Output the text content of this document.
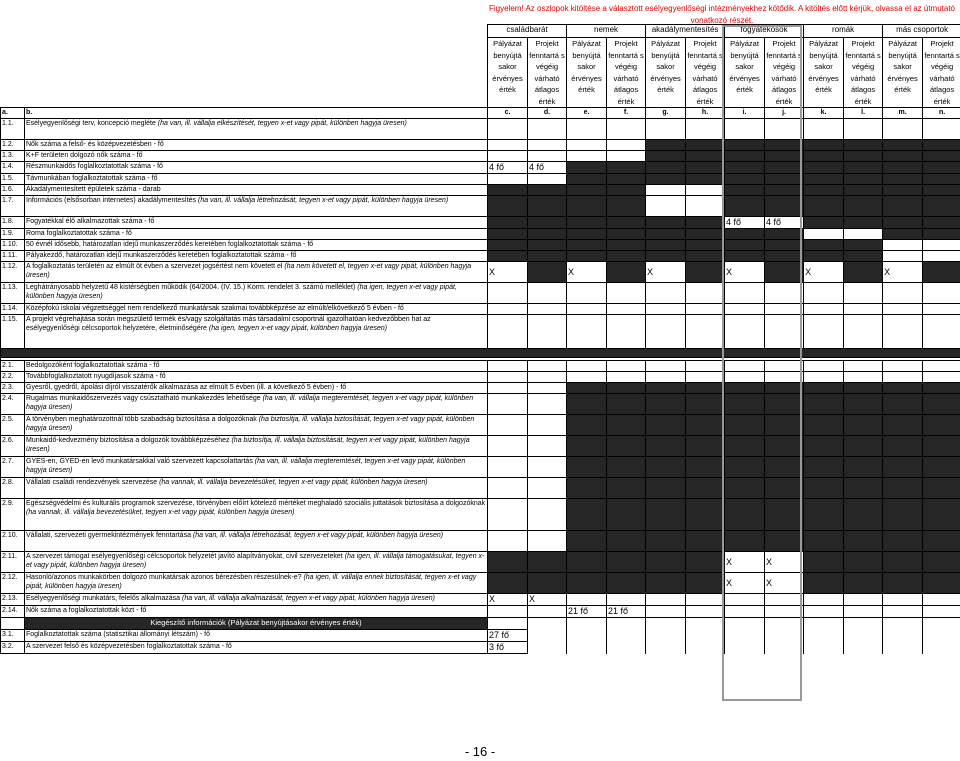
Figyelem! Az oszlopok kitöltése a választott esélyegyenlőségi intézményekhez kötődik. A kitöltés előtt kérjük, olvassa el az útmutató vonatkozó részét.
		családbarát		nemek		akadálymentesítés		fogyatékosok		romák		más csoportok	
		Pályázat benyújtá sakor érvényes érték	Projekt fenntartá s végéig várható átlagos érték	Pályázat benyújtá sakor érvényes érték	Projekt fenntartá s végéig várható átlagos érték	Pályázat benyújtá sakor érvényes érték	Projekt fenntartá s végéig várható átlagos érték	Pályázat benyújtá sakor érvényes érték	Projekt fenntartá s végéig várható átlagos érték	Pályázat benyújtá sakor érvényes érték	Projekt fenntartá s végéig várható átlagos érték	Pályázat benyújtá sakor érvényes érték	Projekt fenntartá s végéig várható átlagos érték
a.	b.	c.	d.	e.	f.	g.	h.	i.	j.	k.	l.	m.	n.
1.1.	Esélyegyenlőségi terv, koncepció megléte (ha van, ill. vállalja elkészítését, tegyen x-et vagy pipát, különben hagyja üresen)												
1.2.	Nők száma a felső- és középvezetésben - fő												
1.3.	K+F területen dolgozó nők száma - fő												
1.4.	Részmunkaidős foglalkoztatottak száma - fő	4 fő	4 fő										
1.5.	Távmunkában foglalkoztatottak száma - fő												
1.6.	Akadálymentesített épületek száma - darab												
1.7.	Információs (elsősorban internetes) akadálymentesítés (ha van, ill. vállalja létrehozását, tegyen x-et vagy pipát, különben hagyja üresen)												
1.8.	Fogyatékkal élő alkalmazottak száma - fő							4 fő	4 fő				
1.9.	Roma foglalkoztatottak száma - fő												
1.10.	50 évnél idősebb, határozatlan idejű munkaszerződés keretében foglalkoztatottak száma - fő												
1.11.	Pályakezdő, határozatlan idejű munkaszerződés keretében foglalkoztatottak száma - fő												
1.12.	A foglalkoztatás területén az elmúlt öt évben a szervezet jogsértést nem követett el (ha nem követett el, tegyen x-et vagy pipát, különben hagyja üresen)	X		X		X		X		X		X	
1.13.	Leghátrányosabb helyzetű 48 kistérségben működik (64/2004. (IV. 15.) Korm. rendelet 3. számú melléklet) (ha igen, tegyen x-et vagy pipát, különben hagyja üresen)												
1.14.	Középfokú iskolai végzettséggel nem rendelkező munkatársak szakmai továbbképzése az elmúlt/elkövetkező 5 évben - fő												
1.15.	A projekt végrehajtása során megszülető termék és/vagy szolgáltatás más társadalmi csoportnál igazolhatóan kedvezőbben hat az esélyegyenlőségi célcsoportok helyzetére, életminőségére (ha igen, tegyen x-et vagy pipát, különben hagyja üresen)												

2.1.	Bedolgozóként foglalkoztatottak száma - fő												
2.2.	Továbbfoglalkoztatott nyugdíjasok száma - fő												
2.3.	Gyesről, gyedről, ápolási díjról visszatérők alkalmazása az elmúlt 5 évben (ill. a következő 5 évben) - fő												
2.4.	Rugalmas munkaidőszervezés vagy csúsztatható munkakezdés lehetősége (ha van, ill. vállalja megteremtését, tegyen x-et vagy pipát, különben hagyja üresen)												
2.5.	A törvényben meghatározottnál több szabadság biztosítása a dolgozóknak (ha biztosítja, ill. vállalja biztosítását, tegyen x-et vagy pipát, különben hagyja üresen)												
2.6.	Munkaidő-kedvezmény biztosítása a dolgozók továbbképzéséhez (ha biztosítja, ill. vállalja biztosítását, tegyen x-et vagy pipát, különben hagyja üresen)												
2.7.	GYES-en, GYED-en levő munkatársakkal való szervezett kapcsolattartás (ha van, ill. vállalja megteremtését, tegyen x-et vagy pipát, különben hagyja üresen)												
2.8.	Vállalati családi rendezvények szervezése (ha vannak, ill. vállalja bevezetésüket, tegyen x-et vagy pipát, különben hagyja üresen)												
2.9.	Egészségvédelmi és kulturális programok szervezése, törvényben előírt kötelező mértéket meghaladó szociális juttatások biztosítása a dolgozóknak (ha vannak, ill. vállalja bevezetésüket, tegyen x-et vagy pipát, különben hagyja üresen)												
2.10.	Vállalati, szervezeti gyermekintézmények fenntartása (ha van, ill. vállalja létrehozását, tegyen x-et vagy pipát, különben hagyja üresen)												
2.11.	A szervezet támogat esélyegyenlőségi célcsoportok helyzetét javító alapítványokat, civil szervezeteket (ha igen, ill. vállalja támogatásukat, tegyen x-et vagy pipát, különben hagyja üresen)							X	X				
2.12.	Hasonló/azonos munkakörben dolgozó munkatársak azonos bérezésben részesülnek-e? (ha igen, ill. vállalja ennek biztosítását, tegyen x-et vagy pipát, különben hagyja üresen)							X	X				
2.13.	Esélyegyenlőségi munkatárs, felelős alkalmazása (ha van, ill. vállalja alkalmazását, tegyen x-et vagy pipát, különben hagyja üresen)	X	X										
2.14.	Nők száma a foglalkoztatottak közt - fő			21 fő	21 fő								
	Kiegészítő információk (Pályázat benyújtásakor érvényes érték)												
3.1.	Foglalkoztatottak száma (statisztikai állományi létszám) - fő	27 fő											
3.2.	A szervezet felső és középvezetésben foglalkoztatottak száma - fő	3 fő											
- 16 -
